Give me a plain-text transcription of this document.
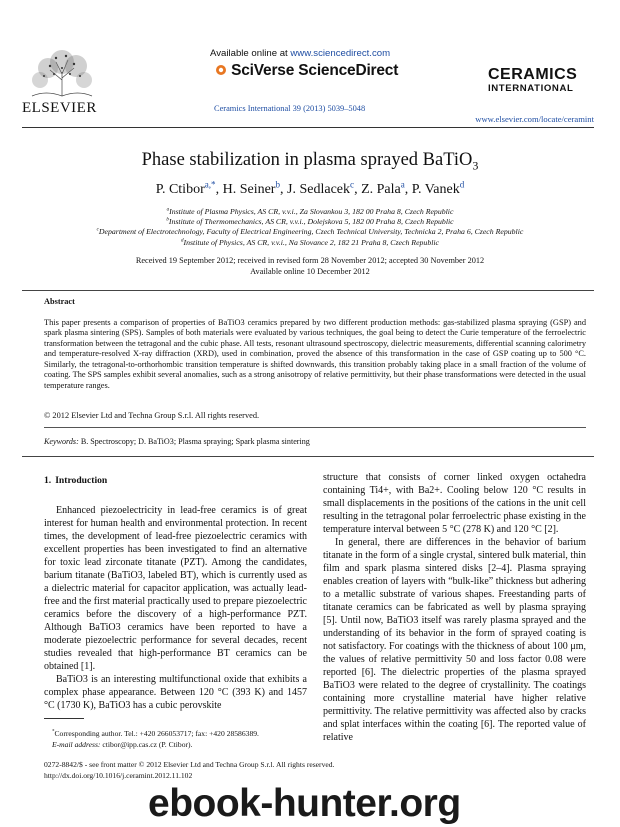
ELSEVIER
Available online at www.sciencedirect.com
SciVerse ScienceDirect
Ceramics International 39 (2013) 5039–5048
CERAMICS
INTERNATIONAL
www.elsevier.com/locate/ceramint
Phase stabilization in plasma sprayed BaTiO$_3$
P. Ctibor$^{a,*}$, H. Seiner$^b$, J. Sedlacek$^c$, Z. Pala$^a$, P. Vanek$^d$
$^a$Institute of Plasma Physics, AS CR, v.v.i., Za Slovankou 3, 182 00 Praha 8, Czech Republic
$^b$Institute of Thermomechanics, AS CR, v.v.i., Dolejskova 5, 182 00 Praha 8, Czech Republic
$^c$Department of Electrotechnology, Faculty of Electrical Engineering, Czech Technical University, Technicka 2, Praha 6, Czech Republic
$^d$Institute of Physics, AS CR, v.v.i., Na Slovance 2, 182 21 Praha 8, Czech Republic
Received 19 September 2012; received in revised form 28 November 2012; accepted 30 November 2012
Available online 10 December 2012
Abstract
This paper presents a comparison of properties of BaTiO3 ceramics prepared by two different production methods: gas-stabilized plasma spraying (GSP) and spark plasma sintering (SPS). Samples of both materials were evaluated by various techniques, the goal being to detect the Curie temperature of the ferroelectric transformation between the tetragonal and the cubic phase. All tests, resonant ultrasound spectroscopy, dielectric measurements, differential scanning calorimetry and temperature-resolved X-ray diffraction (XRD), used in combination, proved the absence of this transformation in the case of GSP coating up to 500 °C. Similarly, the tetragonal-to-orthorhombic transition temperature is shifted downwards, this transition probably taking place in a small fraction of the volume of coating. The SPS samples exhibit several anomalies, such as a strong anisotropy of relative permittivity, but their phase transformations were detected in the usual temperature ranges.
© 2012 Elsevier Ltd and Techna Group S.r.l. All rights reserved.
Keywords: B. Spectroscopy; D. BaTiO3; Plasma spraying; Spark plasma sintering
1. Introduction

Enhanced piezoelectricity in lead-free ceramics is of great interest for human health and environmental protection. In recent times, the development of lead-free piezoelectric ceramics with excellent properties has been investigated to find an alternative for toxic lead zirconate titanate (PZT). Among the candidates, barium titanate (BaTiO3, labeled BT), which is currently used as a dielectric material for capacitor application, was actually lead-free and the first material practically used to prepare piezoelectric ceramics before the discovery of a high-performance PZT. Although BaTiO3 ceramics have been reported to have a moderate piezoelectric performance for several decades, recent studies revealed that high-performance BT ceramics can be obtained [1].

BaTiO3 is an interesting multifunctional oxide that exhibits a complex phase appearance. Between 120 °C (393 K) and 1457 °C (1730 K), BaTiO3 has a cubic perovskite

structure that consists of corner linked oxygen octahedra containing Ti4+, with Ba2+. Cooling below 120 °C results in small displacements in the positions of the cations in the unit cell resulting in the tetragonal polar ferroelectric phase existing in the temperature interval between 5 °C (278 K) and 120 °C [2].

In general, there are differences in the behavior of barium titanate in the form of a single crystal, sintered bulk material, thin film and spark plasma sintered disks [2–4]. Plasma spraying enables creation of layers with “bulk-like” thickness but adhering to a metallic substrate of various shapes. Freestanding parts of titanate ceramics can be fabricated as well by plasma spraying [5]. Until now, BaTiO3 itself was rarely plasma sprayed and the understanding of its behavior in the form of sprayed coating is not satisfactory. For coatings with the thickness of about 100 μm, the values of relative permittivity 50 and loss factor 0.08 were reported [6]. The dielectric properties of the plasma sprayed BaTiO3 were related to the degree of crystallinity. The coatings containing more crystalline material have higher relative permittivity. The relative permittivity was affected also by cracks and splat interfaces within the coating [6]. The reported value of relative

*Corresponding author. Tel.: +420 266053717; fax: +420 28586389.
E-mail address: ctibor@ipp.cas.cz (P. Ctibor).
0272-8842/$ - see front matter © 2012 Elsevier Ltd and Techna Group S.r.l. All rights reserved.
http://dx.doi.org/10.1016/j.ceramint.2012.11.102
ebook-hunter.org
